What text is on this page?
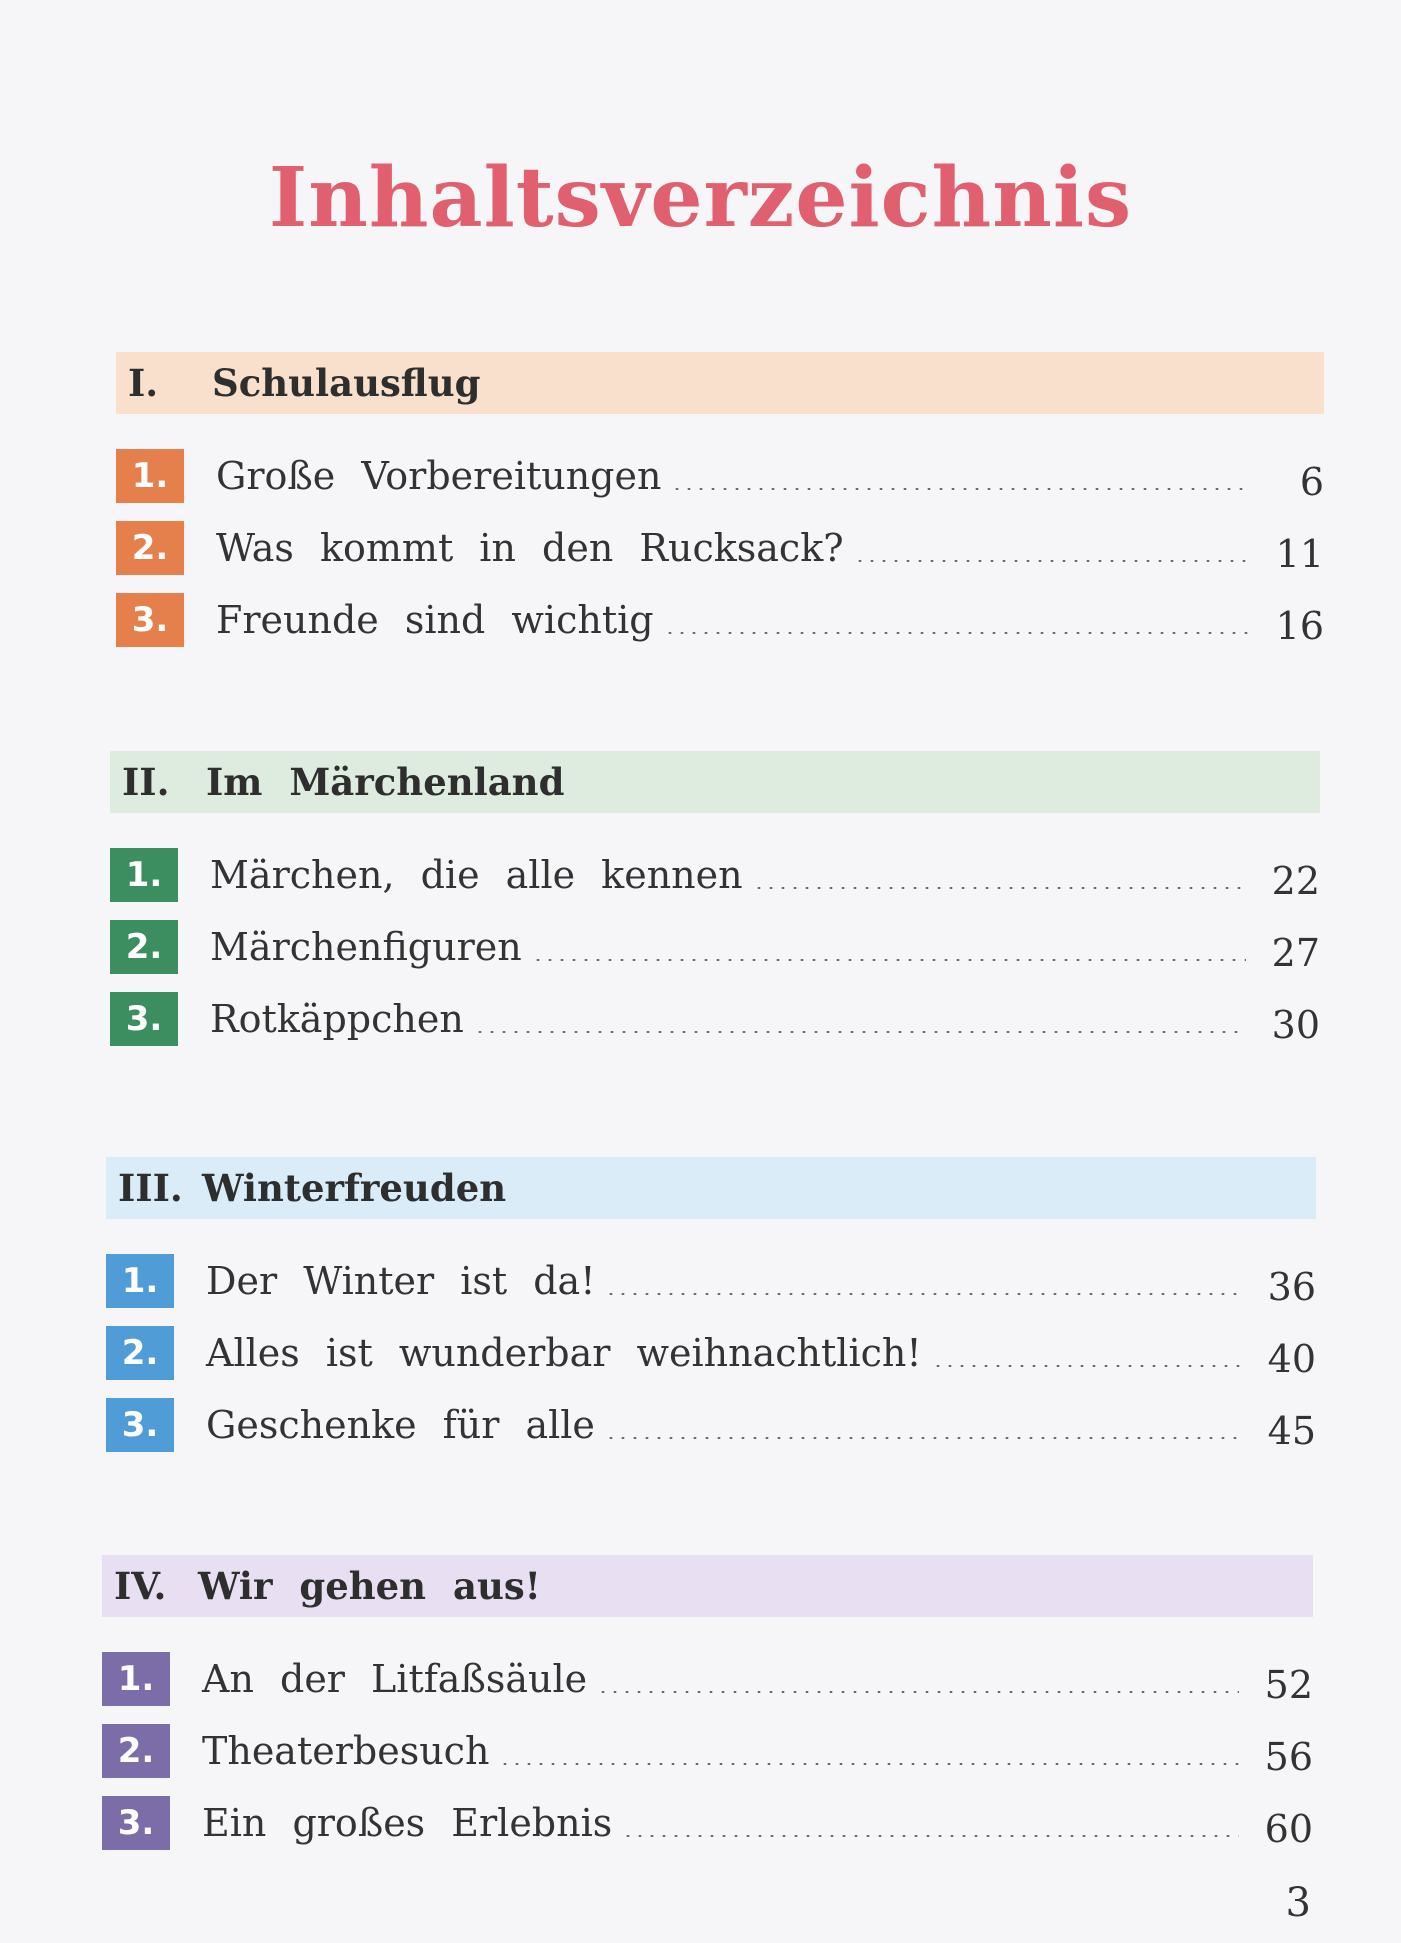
Inhaltsverzeichnis
I.	Schulausflug
1.	Große Vorbereitungen	6
2.	Was kommt in den Rucksack?	11
3.	Freunde sind wichtig	16
II. Im Märchenland
1.	Märchen, die alle kennen	22
2.	Märchenfiguren	27
3.	Rotkäppchen	30
III. Winterfreuden
1.	Der Winter ist da!	36
2.	Alles ist wunderbar weihnachtlich!	40
3.	Geschenke für alle	45
IV. Wir gehen aus!
1.	An der Litfaßsäule	52
2.	Theaterbesuch	56
3.	Ein großes Erlebnis	60
3
